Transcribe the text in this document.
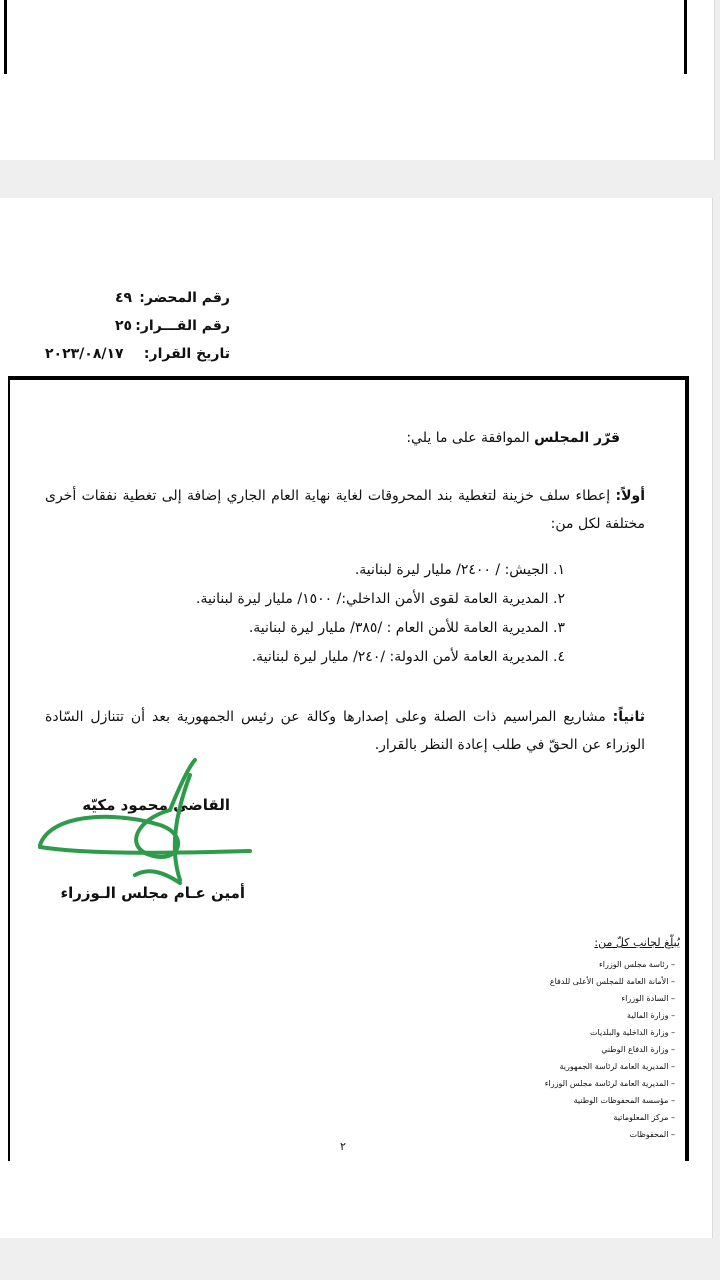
رقم المحضر:
٤٩
رقم القـــرار:
٢٥
تاريخ القرار:
٢٠٢٣/٠٨/١٧
قرّر المجلس الموافقة على ما يلي:
أولاً: إعطاء سلف خزينة لتغطية بند المحروقات لغاية نهاية العام الجاري إضافة إلى تغطية نفقات أخرى مختلفة لكل من:
١. الجيش: / ٢٤٠٠/ مليار ليرة لبنانية.
٢. المديرية العامة لقوى الأمن الداخلي:/ ١٥٠٠/ مليار ليرة لبنانية.
٣. المديرية العامة للأمن العام : /٣٨٥/ مليار ليرة لبنانية.
٤. المديرية العامة لأمن الدولة: /٢٤٠/ مليار ليرة لبنانية.
ثانياً: مشاريع المراسيم ذات الصلة وعلى إصدارها وكالة عن رئيس الجمهورية بعد أن تتنازل السّادة الوزراء عن الحقّ في طلب إعادة النظر بالقرار.
القاضي محمود مكيّه
أمين عـام مجلس الـوزراء
يُبلّغ لجانب كلّ من:
– رئاسة مجلس الوزراء
– الأمانة العامة للمجلس الأعلى للدفاع
– السادة الوزراء
– وزارة المالية
– وزارة الداخلية والبلديات
– وزارة الدفاع الوطني
– المديرية العامة لرئاسة الجمهورية
– المديرية العامة لرئاسة مجلس الوزراء
– مؤسسة المحفوظات الوطنية
– مركز المعلوماتية
– المحفوظات
٢
